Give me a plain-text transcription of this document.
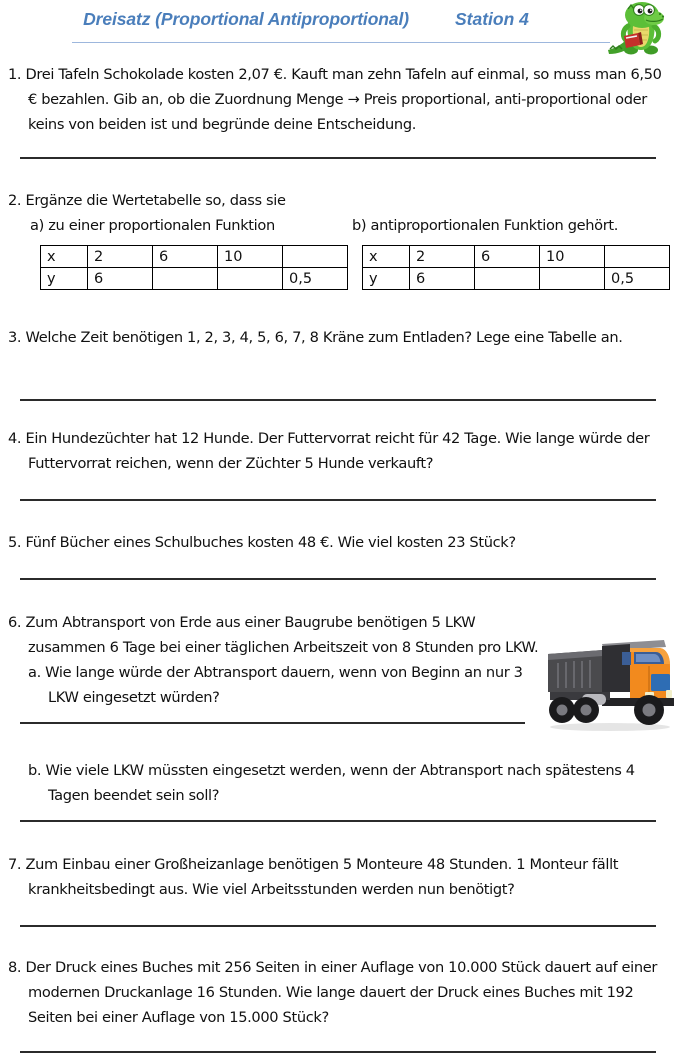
Dreisatz (Proportional Antiproportional)	Station 4
1. Drei Tafeln Schokolade kosten 2,07 €. Kauft man zehn Tafeln auf einmal, so muss man 6,50 € bezahlen. Gib an, ob die Zuordnung Menge → Preis proportional, anti-proportional oder keins von beiden ist und begründe deine Entscheidung.
2. Ergänze die Wertetabelle so, dass sie
a) zu einer proportionalen Funktion	b) antiproportionalen Funktion gehört.
x	2	6	10	
y	6			0,5
x	2	6	10	
y	6			0,5
3. Welche Zeit benötigen 1, 2, 3, 4, 5, 6, 7, 8 Kräne zum Entladen? Lege eine Tabelle an.
4. Ein Hundezüchter hat 12 Hunde. Der Futtervorrat reicht für 42 Tage. Wie lange würde der Futtervorrat reichen, wenn der Züchter 5 Hunde verkauft?
5. Fünf Bücher eines Schulbuches kosten 48 €. Wie viel kosten 23 Stück?
6. Zum Abtransport von Erde aus einer Baugrube benötigen 5 LKW zusammen 6 Tage bei einer täglichen Arbeitszeit von 8 Stunden pro LKW.
a. Wie lange würde der Abtransport dauern, wenn von Beginn an nur 3 LKW eingesetzt würden?
b. Wie viele LKW müssten eingesetzt werden, wenn der Abtransport nach spätestens 4 Tagen beendet sein soll?
7. Zum Einbau einer Großheizanlage benötigen 5 Monteure 48 Stunden. 1 Monteur fällt krankheitsbedingt aus. Wie viel Arbeitsstunden werden nun benötigt?
8. Der Druck eines Buches mit 256 Seiten in einer Auflage von 10.000 Stück dauert auf einer modernen Druckanlage 16 Stunden. Wie lange dauert der Druck eines Buches mit 192 Seiten bei einer Auflage von 15.000 Stück?
